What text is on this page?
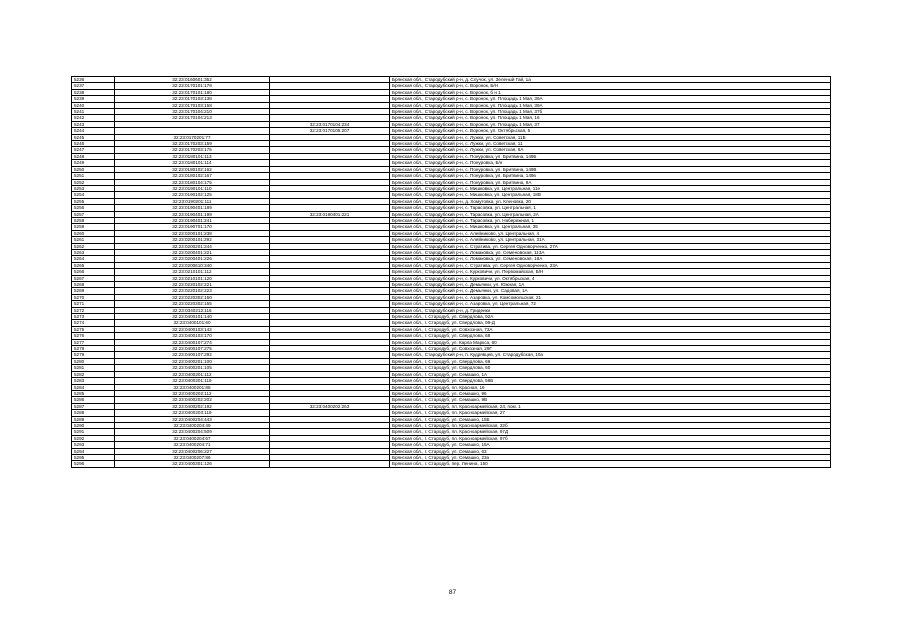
5236	32:23:0160601:352		Брянская обл., Стародубский р-н, д. Случок, ул. Зеленый Гай, 1а
5237	32:23:0170101:178		Брянская обл., Стародубский р-н, с. Воронок, Б/Н
5238	32:23:0170101:180		Брянская обл., Стародубский р-н, с. Воронок, б н 1
5239	32:23:0170103:138		Брянская обл., Стародубский р-н, с. Воронок, ул. Площадь 1 Мая, 39А
5240	32:23:0170103:158		Брянская обл., Стародубский р-н, с. Воронок, ул. Площадь 1 Мая, 39А
5241	32:23:0170104:210		Брянская обл., Стародубский р-н, с. Воронок, ул. Площадь 1 Мая, 37б
5242	32:23:0170104:213		Брянская обл., Стародубский р-н, с. Воронок, ул. Площадь 1 Мая, 16
5243		32:23:0170104:234	Брянская обл., Стародубский р-н, с. Воронок, ул. Площадь 1 Мая, 37
5244		32:23:0170105:207	Брянская обл., Стародубский р-н, с. Воронок, ул. Октябрьская, 5
5245	32:23:0170201:77		Брянская обл., Стародубский р-н, с. Лужки, ул. Советская, 11Б
5246	32:23:0170203:159		Брянская обл., Стародубский р-н, с. Лужки, ул. Советская, 11
5247	32:23:0170203:175		Брянская обл., Стародубский р-н, с. Лужки, ул. Советская, 6А
5248	32:23:0180101:113		Брянская обл., Стародубский р-н, с. Понуровка, ул. Бритвина, 149Б
5249	32:23:0180101:114		Брянская обл., Стародубский р-н, с. Понуровка, Б/н
5250	32:23:0180102:162		Брянская обл., Стародубский р-н, с. Понуровка, ул. Бритвина, 149В
5251	32:23:0180102:167		Брянская обл., Стародубский р-н, с. Понуровка, ул. Бритвина, 149в
5252	32:23:0180104:175		Брянская обл., Стародубский р-н, с. Понуровка, ул. Бритвина, 9А
5253	32:23:0190101:110		Брянская обл., Стародубский р-н, с. Мишковка, ул. Центральная, 11е
5254	32:23:0190102:125		Брянская обл., Стародубский р-н, с. Мишковка, ул. Центральная, 18В
5255	32:23:0190201:111		Брянская обл., Стародубский р-н, д. Хомутовка, ул. Кленовка, 20
5256	32:23:0190401:189		Брянская обл., Стародубский р-н, с. Тарасовка, ул. Центральная, 1
5257	32:23:0190401:199	32:23:0190401:221	Брянская обл., Стародубский р-н, с. Тарасовка, ул. Центральная, 2А
5258	32:23:0190401:241		Брянская обл., Стародубский р-н, с. Тарасовка, ул. Набережная, 1
5259	32:23:0190701:170		Брянская обл., Стародубский р-н, с. Мишковка, ул. Центральная, 35
5260	32:23:0200101:238		Брянская обл., Стародубский р-н, с. Алейниково, ул. Центральная, 4
5261	32:23:0200101:292		Брянская обл., Стародубский р-н, с. Алейниково, ул. Центральная, 31А
5262	32:23:0200201:244		Брянская обл., Стародубский р-н, с. Стратива, ул. Сергея Одноворченко, 27А
5263	32:23:0200401:221		Брянская обл., Стародубский р-н, с. Ломаковка, ул. Семеновская, 113А
5264	32:23:0200401:226		Брянская обл., Стародубский р-н, с. Ломаковка, ул. Семеновская, 18А
5265	32:23:0200610:340		Брянская обл., Стародубский р-н, с. Стратива, ул. Сергея Одноворченко, 33А
5266	32:23:0210101:112		Брянская обл., Стародубский р-н, с. Курковичи, ул. Первомайская, Б/Н
5267	32:23:0210101:120		Брянская обл., Стародубский р-н, с. Курковичи, ул. Октябрьская, 4
5268	32:23:0220102:221		Брянская обл., Стародубский р-н, с. Демьянки, ул. Южная, 1А
5269	32:23:0220102:223		Брянская обл., Стародубский р-н, с. Демьянки, ул. Садовая, 1А
5270	32:23:0220302:150		Брянская обл., Стародубский р-н, с. Азаровка, ул. Комсомольская, 21
5271	32:23:0220302:155		Брянская обл., Стародубский р-н, с. Азаровка, ул. Центральная, 72
5272	32:23:0340212:116		Брянская обл., Стародубский р-н, д. Гриденки
5273	32:23:0400101:140		Брянская обл., г. Стародуб, ул. Свердлова, 92А
5274	32:23:0400101:60		Брянская обл., г. Стародуб, ул. Свердлова, 99-Д
5275	32:23:0400103:142		Брянская обл., г. Стародуб, ул. Совхозная, 73А
5276	32:23:0400103:170		Брянская обл., г. Стародуб, ул. Свердлова, 68
5277	32:23:0400107:274		Брянская обл., г. Стародуб, ул. Карла Маркса, 60
5278	32:23:0400107:275		Брянская обл., г. Стародуб, ул. Совхозная, 29Г
5279	32:23:0400107:292		Брянская обл., Стародубский р-н, п. Кудрявцев, ул. Стародубская, 10а
5280	32:23:0400201:100		Брянская обл., г. Стародуб, ул. Свердлова, 66
5281	32:23:0400201:105		Брянская обл., г. Стародуб, ул. Свердлова, 60
5282	32:23:0400201:112		Брянская обл., г. Стародуб, ул. Семашко, 1А
5283	32:23:0400201:119		Брянская обл., г. Стародуб, ул. Свердлова, 58Б
5284	32:23:0400201:88		Брянская обл., г. Стародуб, пл. Красная, 16
5285	32:23:0400202:112		Брянская обл., г. Стародуб, ул. Семашко, 96
5286	32:23:0400202:202		Брянская обл., г. Стародуб, ул. Семашко, 9В
5287	32:23:0400202:192	32:23:0400202:263	Брянская обл., г. Стародуб, пл. Красноармейская, 24, пом. 1
5288	32:23:0400203:119		Брянская обл., г. Стародуб, пл. Красноармейская, 27
5289	32:23:0400204:443		Брянская обл., г. Стародуб, ул. Семашко, 15Б
5290	32:23:0400204:49		Брянская обл., г. Стародуб, пл. Красноармейская, 32б
5291	32:23:0400204:509		Брянская обл., г. Стародуб, пл. Красноармейская, 97Д
5292	32:23:0400204:67		Брянская обл., г. Стародуб, пл. Красноармейская, 97б
5293	32:23:0400204:71		Брянская обл., г. Стародуб, ул. Семашко, 15А
5294	32:23:0400206:227		Брянская обл., г. Стародуб, ул. Семашко, 63
5295	32:23:0400207:86		Брянская обл., г. Стародуб, ул. Семашко, 23а
5296	32:23:0400301:126		Брянская обл., г. Стародуб, пер. Ленина, 150
87
